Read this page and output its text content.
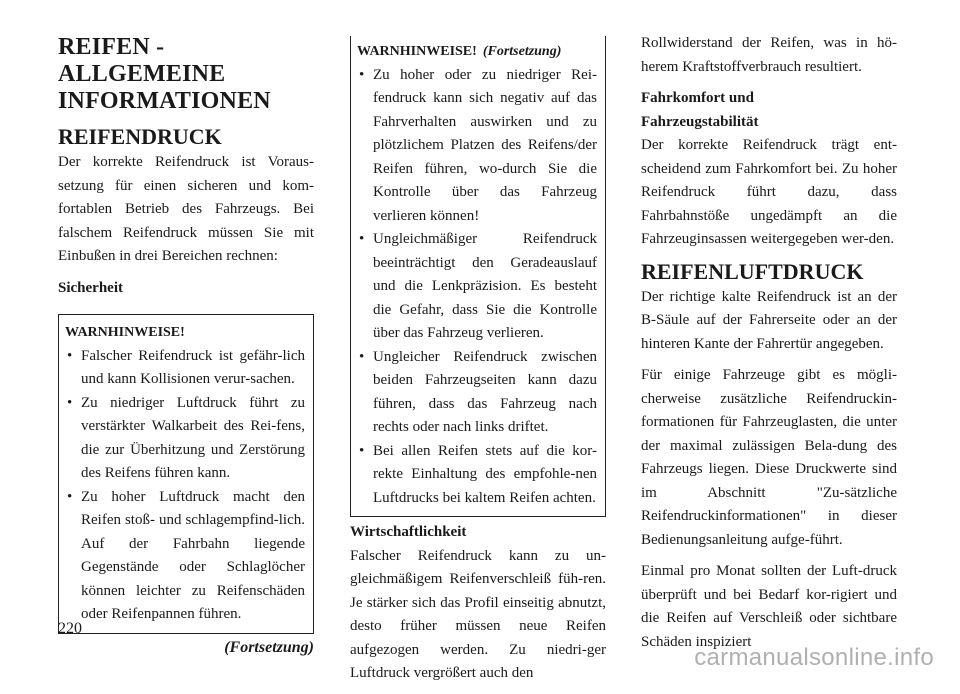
REIFEN - ALLGEMEINE
INFORMATIONEN
REIFENDRUCK

Der korrekte Reifendruck ist Voraus-setzung für einen sicheren und kom-fortablen Betrieb des Fahrzeugs. Bei falschem Reifendruck müssen Sie mit Einbußen in drei Bereichen rechnen:

Sicherheit
WARNHINWEISE!
• Falscher Reifendruck ist gefähr-lich und kann Kollisionen verur-sachen.
• Zu niedriger Luftdruck führt zu verstärkter Walkarbeit des Rei-fens, die zur Überhitzung und Zerstörung des Reifens führen kann.
• Zu hoher Luftdruck macht den Reifen stoß- und schlagempfind-lich. Auf der Fahrbahn liegende Gegenstände oder Schlaglöcher können leichter zu Reifenschäden oder Reifenpannen führen.
(Fortsetzung)
WARNHINWEISE! (Fortsetzung)
• Zu hoher oder zu niedriger Rei-fendruck kann sich negativ auf das Fahrverhalten auswirken und zu plötzlichem Platzen des Reifens/der Reifen führen, wo-durch Sie die Kontrolle über das Fahrzeug verlieren können!
• Ungleichmäßiger Reifendruck beeinträchtigt den Geradeauslauf und die Lenkpräzision. Es besteht die Gefahr, dass Sie die Kontrolle über das Fahrzeug verlieren.
• Ungleicher Reifendruck zwischen beiden Fahrzeugseiten kann dazu führen, dass das Fahrzeug nach rechts oder nach links driftet.
• Bei allen Reifen stets auf die kor-rekte Einhaltung des empfohle-nen Luftdrucks bei kaltem Reifen achten.
Wirtschaftlichkeit

Falscher Reifendruck kann zu un-gleichmäßigem Reifenverschleiß füh-ren. Je stärker sich das Profil einseitig abnutzt, desto früher müssen neue Reifen aufgezogen werden. Zu niedri-ger Luftdruck vergrößert auch den

Rollwiderstand der Reifen, was in hö-herem Kraftstoffverbrauch resultiert.

Fahrkomfort und
Fahrzeugstabilität

Der korrekte Reifendruck trägt ent-scheidend zum Fahrkomfort bei. Zu hoher Reifendruck führt dazu, dass Fahrbahnstöße ungedämpft an die Fahrzeuginsassen weitergegeben wer-den.

REIFENLUFTDRUCK

Der richtige kalte Reifendruck ist an der B-Säule auf der Fahrerseite oder an der hinteren Kante der Fahrertür angegeben.

Für einige Fahrzeuge gibt es mögli-cherweise zusätzliche Reifendruckin-formationen für Fahrzeuglasten, die unter der maximal zulässigen Bela-dung des Fahrzeugs liegen. Diese Druckwerte sind im Abschnitt "Zu-sätzliche Reifendruckinformationen" in dieser Bedienungsanleitung aufge-führt.

Einmal pro Monat sollten der Luft-druck überprüft und bei Bedarf kor-rigiert und die Reifen auf Verschleiß oder sichtbare Schäden inspiziert

220
carmanualsonline.info
